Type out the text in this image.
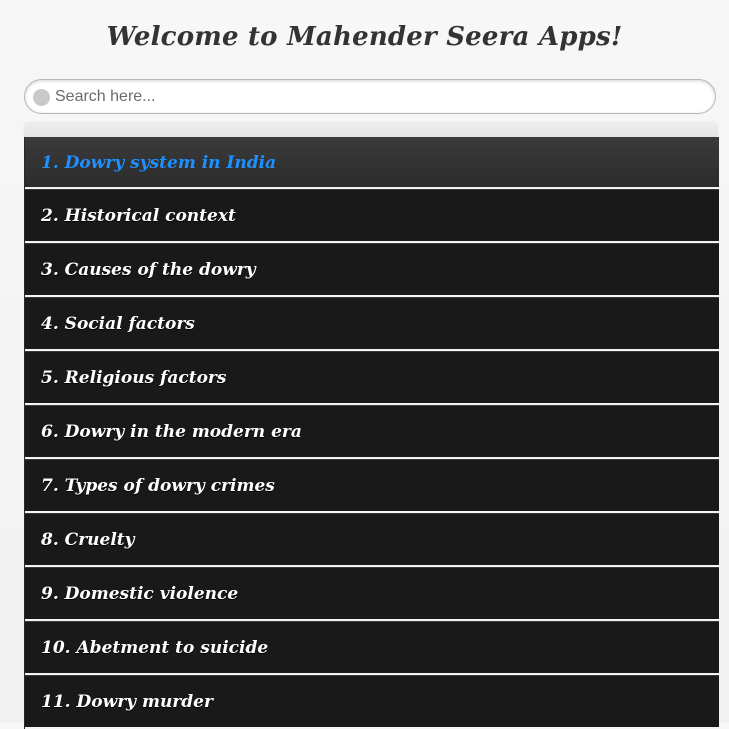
Welcome to Mahender Seera Apps!
Search here...
1. Dowry system in India
2. Historical context
3. Causes of the dowry
4. Social factors
5. Religious factors
6. Dowry in the modern era
7. Types of dowry crimes
8. Cruelty
9. Domestic violence
10. Abetment to suicide
11. Dowry murder
